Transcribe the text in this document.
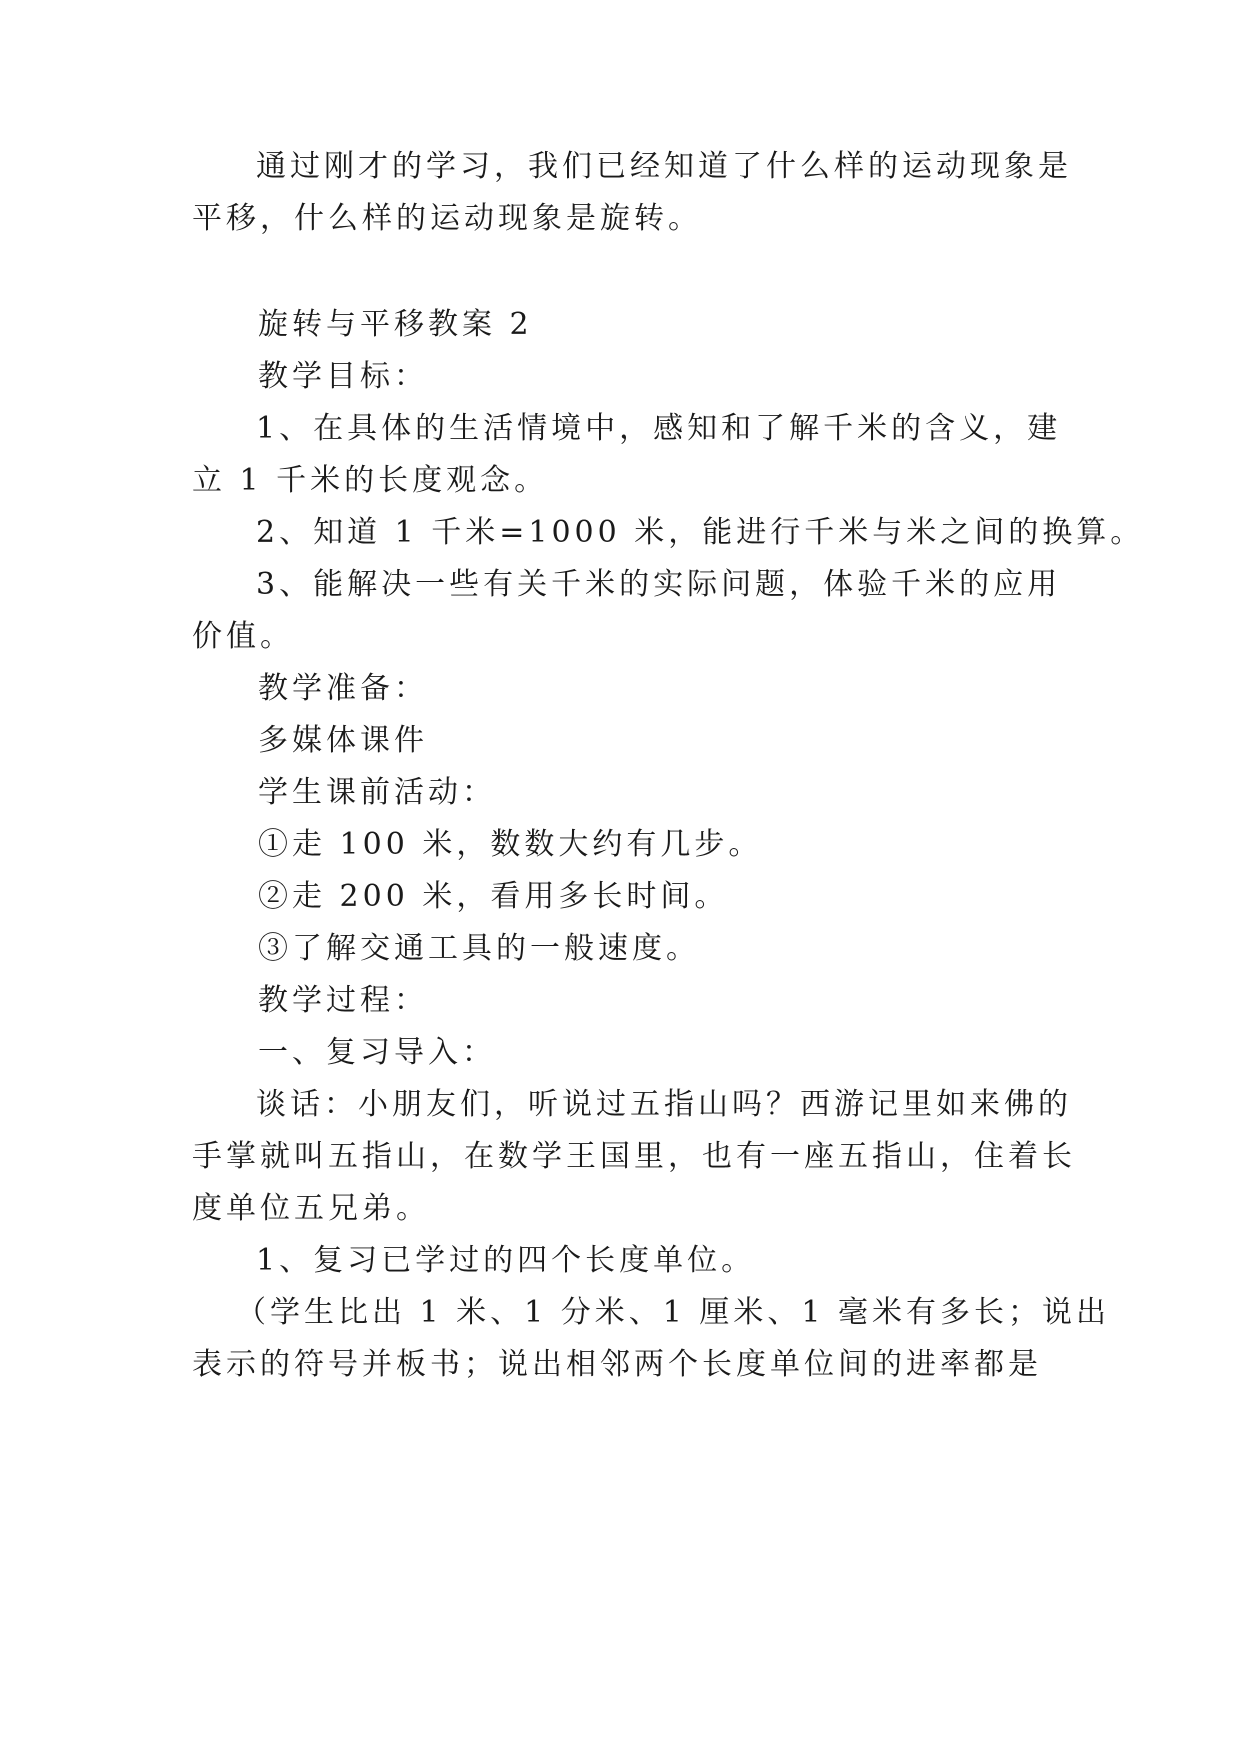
通过刚才的学习，我们已经知道了什么样的运动现象是
平移，什么样的运动现象是旋转。
旋转与平移教案 2
教学目标：
1、在具体的生活情境中，感知和了解千米的含义，建
立 1 千米的长度观念。
2、知道 1 千米=1000 米，能进行千米与米之间的换算。
3、能解决一些有关千米的实际问题，体验千米的应用
价值。
教学准备：
多媒体课件
学生课前活动：
①走 100 米，数数大约有几步。
②走 200 米，看用多长时间。
③了解交通工具的一般速度。
教学过程：
一、复习导入：
谈话：小朋友们，听说过五指山吗？西游记里如来佛的
手掌就叫五指山，在数学王国里，也有一座五指山，住着长
度单位五兄弟。
1、复习已学过的四个长度单位。
（学生比出 1 米、1 分米、1 厘米、1 毫米有多长；说出
表示的符号并板书；说出相邻两个长度单位间的进率都是
